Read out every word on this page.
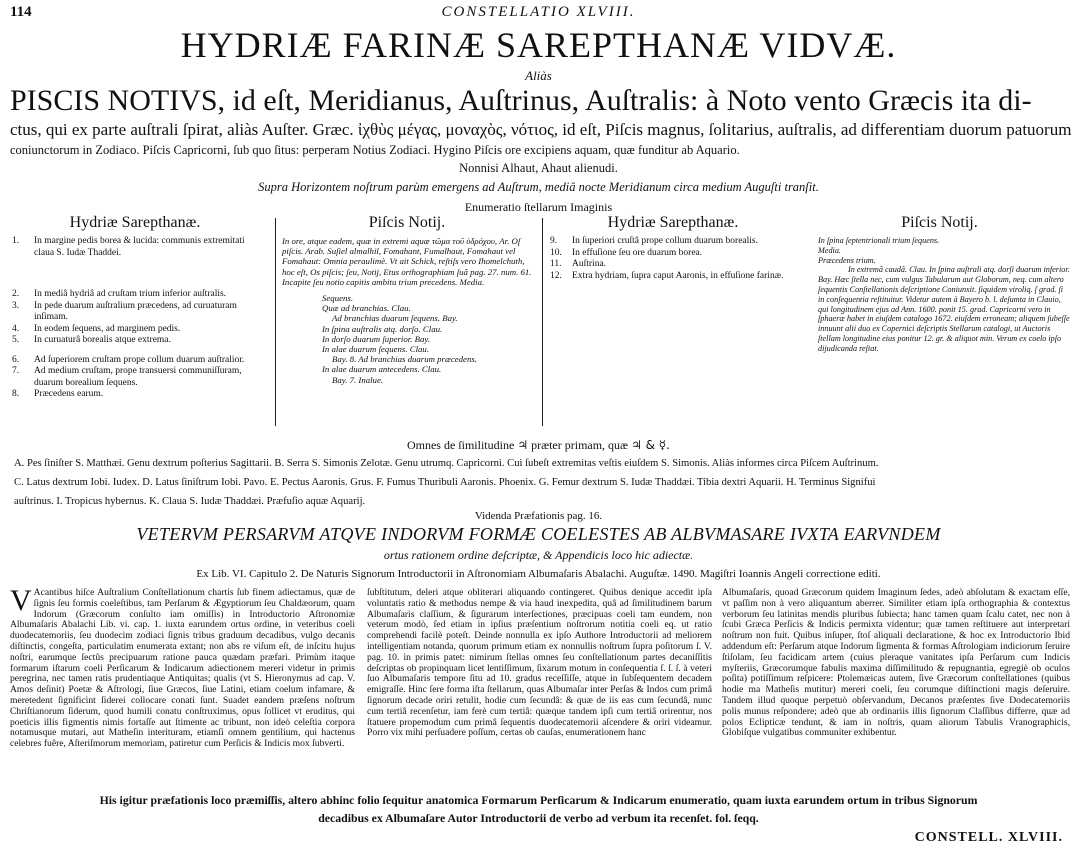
114	CONSTELLATIO XLVIII.
HYDRIÆ FARINÆ SAREPTHANÆ VIDVÆ.
Aliàs
PISCIS NOTIVS, id eſt, Meridianus, Auſtrinus, Auſtralis: à Noto vento Græcis ita di-
ctus, qui ex parte auſtrali ſpirat, aliàs Auſter. Græc. ἰχθὺς μέγας, μοναχὸς, νότιος, id eſt, Piſcis magnus, ſolitarius, auſtralis, ad differentiam duorum patuorum
coniunctorum in Zodiaco. Piſcis Capricorni, ſub quo ſitus: perperam Notius Zodiaci. Hygino Piſcis ore excipiens aquam, quæ funditur ab Aquario.
Nonnisi Alhaut, Ahaut alienudi.
Supra Horizontem noſtrum parùm emergens ad Auſtrum, mediâ nocte Meridianum circa medium Auguſti tranſit.
Enumeratio ſtellarum Imaginis
Hydriæ Sarepthanæ.	Piſcis Notij.	Hydriæ Sarepthanæ.	Piſcis Notij.
1.	In margine pedis borea & lucida: communis extremitati claua S. Iudæ Thaddei.
2.	In mediâ hydriâ ad cruſtam trium inferior auſtralis.
3.	In pede duarum auſtralium præcedens, ad curuaturam inſimam.
4.	In eodem ſequens, ad marginem pedis.
5.	In curuaturâ borealis atque extrema.
6.	Ad ſuperiorem cruſtam prope collum duarum auſtralior.
7.	Ad medium cruſtam, prope transuersi communiſſuram, duarum borealium ſequens.
8.	Præcedens earum.
In ore, atque eadem, quæ in extremi aquæ τῶμα τοῦ ὑδρόχου, Ar. Oſ piſcis. Arab. Suſiel almalhil, Fomahant, Fumalhaut, Fomahaut vel Fomahaut: Omnia peraulimè. Vt ait Schick, reſtiſs vero Ihomelchuth, hoc eſt, Os piſcis; ſeu, Notij, Etus orthographiam ſuâ pag. 27. num. 61. Incapite ſeu notio capitis ambitu trium precedens. Media.
Sequens.
Quæ ad branchias. Clau.
Ad branchias duarum ſequens. Bay.
In ſpina auſtralis atq. dorſo. Clau.
In dorſo duarum ſuperior. Bay.
In alae duarum ſequens. Clau.
Bay. 8. Ad branchias duarum præcedens.
In alae duarum antecedens. Clau.
Bay. 7. Inalue.
9.	In ſuperiori cruſtâ prope collum duarum borealis.
10.	In effuſione ſeu ore duarum borea.
11.	Auſtrina.
12.	Extra hydriam, ſupra caput Aaronis, in effuſione farinæ.
In ſpina ſeptentrionali trium ſequens.
Media.
Præcedens trium.
In extremâ caudâ. Clau. In ſpina auſtrali atq. dorſi duarum inferior. Bay. Hæc ſtella nec, cum vulgus Tabularum aut Globorum, neq. cum altero ſequentis Conſtellationis deſcriptione Coniunxit. ſiquidem viroliq. ſ grad. ſi in conſequentia reſtituitur. Videtur autem à Bayero b. l. deſumta in Clauio, qui longitudinem ejus ad Ann. 1600. ponit 15. grad. Capricorni vero in ſphaeræ habet in eiuſdem catalogo 1672. eiuſdem erroneam; aliquem ſubeſſe innuunt alii duo ex Copernici deſcriptis Stellarum catalogi, ut Auctoris ſtellam longitudine eius ponitur 12. gr. & aliquot min. Verum ex coelo ipſo dijudicanda reſtat.
Omnes de ſimilitudine ♃ præter primam, quæ ♃ & ☿.
A. Pes ſiniſter S. Matthæi. Genu dextrum poſterius Sagittarii. B. Serra S. Simonis Zelotæ. Genu utrumq. Capricorni. Cui ſubeſt extremitas veſtis eiuſdem S. Simonis. Aliàs informes circa Piſcem Auſtrinum.
C. Latus dextrum Iobi. Iudex. D. Latus ſiniſtrum Iobi. Pavo. E. Pectus Aaronis. Grus. F. Fumus Thuribuli Aaronis. Phoenix. G. Femur dextrum S. Iudæ Thaddæi. Tibia dextri Aquarii. H. Terminus Signifui
auſtrinus. I. Tropicus hybernus. K. Claua S. Iudæ Thaddæi. Præfuſio aquæ Aquarij.
Videnda Præfationis pag. 16.
VETERVM PERSARVM ATQVE INDORVM FORMÆ COELESTES AB ALBVMASARE IVXTA EARVNDEM
ortus rationem ordine deſcriptæ, & Appendicis loco hic adiectæ.
Ex Lib. VI. Capitulo 2. De Naturis Signorum Introductorii in Aſtronomiam Albumaſaris Abalachi. Auguſtæ. 1490. Magiſtri Ioannis Angeli correctione editi.
V Acantibus hiſce Auſtralium Conſtellationum chartis ſub finem adiectamus, quæ de ſignis ſeu formis coeleſtibus, tam Perſarum & Ægyptiorum ſeu Chaldæorum, quam Indorum (Græcorum conſulto iam omiſſis) in Introductorio Aſtronomiæ Albumaſaris Abalachi Lib. vi. cap. 1. iuxta earundem ortus ordine, in veteribus coeli duodecatemoriis, ſeu duodecim zodiaci ſignis tribus graduum decadibus, vulgo decanis diſtinctis, congeſta, particulatim enumerata extant; non abs re viſum eſt, de inſcitu hujus noſtri, earumque ſectûs precipuarum ratione pauca quædam præfari. Primùm itaque formarum iſtarum coeli Perſicarum & Indicarum adiectionem mereri videtur in primis peregrina, nec tamen ratis prudentiaque Antiquitas; qualis (vt S. Hieronymus ad cap. V. Amos deſinit) Poetæ & Aſtrologi, ſiue Græcos, ſiue Latini, etiam coelum infamare, & meretedent ſignificint ſiderei collocare conati ſunt. Suadet eandem præſens noſtrum Chriſtianorum ſiderum, quod humili conatu conſtruximus, opus ſollicet vt eruditus, qui poeticis illis figmentis nimis fortaſſe aut ſtimente ac tribunt, non ideò celeſtia corpora notamusque mutari, aut Matheſin interituram, etiamſi omnem gentilium, qui hactenus celebres fuêre, Aſteriſmorum memoriam, patiretur cum Perſicis & Indicis mox ſubverti.
ſubſtitutum, deleri atque obliterari aliquando contingeret. Quibus denique accedit ipſa voluntatis ratio & methodus nempe & via haud inexpedita, quâ ad ſimilitudinem barum Albumaſaris claſſium, & ſigurarum interſectiones, præcipuas coeli tam eundem, non veterum modò, ſed etiam in ipſius præſentium noſtrorum notitia coeli eq. ut ratio comprehendi facilè poteſt. Deinde nonnulla ex ipſo Authore Introductorii ad meliorem intelligentiam notanda, quorum primum etiam ex nonnullis noſtrum ſupra poſitorum ſ. V. pag. 10. in primis patet: nimirum ſtellas omnes ſeu conſtellationum partes decaniſſitis deſcriptas ob propinquam licet lentiſſimum, ſixarum motum in conſequentia ſ. ſ. ſ. à veteri ſuo Albumaſaris tempore ſitu ad 10. gradus receſſiſſe, atque in ſubſequentem decadem emigraſſe. Hinc ſere forma iſta ſtellarum, quas Albumaſar inter Perſas & Indos cum primâ ſignorum decade oriri retulit, hodie cum ſecundâ: & quæ de iis eas cum ſecundâ, nunc cum tertiâ recenſetur, iam ferè cum tertiâ: quæque tandem ipſi cum tertiâ orirentur, nos ſtatuere propemodum cum primâ ſequentis duodecatemorii aſcendere & oriri videamur. Porro vix mihi perſuadere poſſum, certas ob cauſas, enumerationem hanc
Albumaſaris, quoad Græcorum quidem Imaginum ſedes, adeò abſolutam & exactam eſſe, vt paſſim non à vero aliquantum aberrer. Similiter etiam ipſa orthographia & contextus verborum ſeu latinitas mendis pluribus ſubiecta; hanc tamen quam ſcalu catet, nec non à ſcubi Græca Perſicis & Indicis permixta videntur; quæ tamen reſtituere aut interpretari noſtrum non fuit. Quibus inſuper, ſtoſ aliquali declaratione, & hoc ex Introductorio Ibid addendum eſt: Perſarum atque Indorum ſigmenta & formas Aſtrologiam indiciorum ſeruire ſtiſolam, ſeu facidicam artem (cuius pleraque vanitates ipſa Perſarum cum Indicis myſteriis, Græcorumque fabulis maxima diſſimilitudo & repugnantia, egregiè ob oculos poſita) potiſſimum reſpicere: Ptolemæicas autem, ſive Græcorum conſtellationes (quibus hodie ma Matheſis mutitur) mereri coeli, ſeu corumque diſtinctioni magis deſeruire. Tandem illud quoque perpetuò obſervandum, Decanos præſentes ſive Dodecatemoriis polis munus reſpondere; adeò que ab ordinariis illis ſignorum Claſſibus differre, quæ ad polos Eclipticæ tendunt, & iam in noſtris, quam aliorum Tabulis Vranographicis, Globiſque vulgatibus communiter exhibentur.
His igitur præfationis loco præmiſſis, altero abhinc folio ſequitur anatomica Formarum Perſicarum & Indicarum enumeratio, quam iuxta earundem ortum in tribus Signorum
decadibus ex Albumaſare Autor Introductorii de verbo ad verbum ita recenſet. fol. ſeqq.
CONSTELL. XLVIII.
